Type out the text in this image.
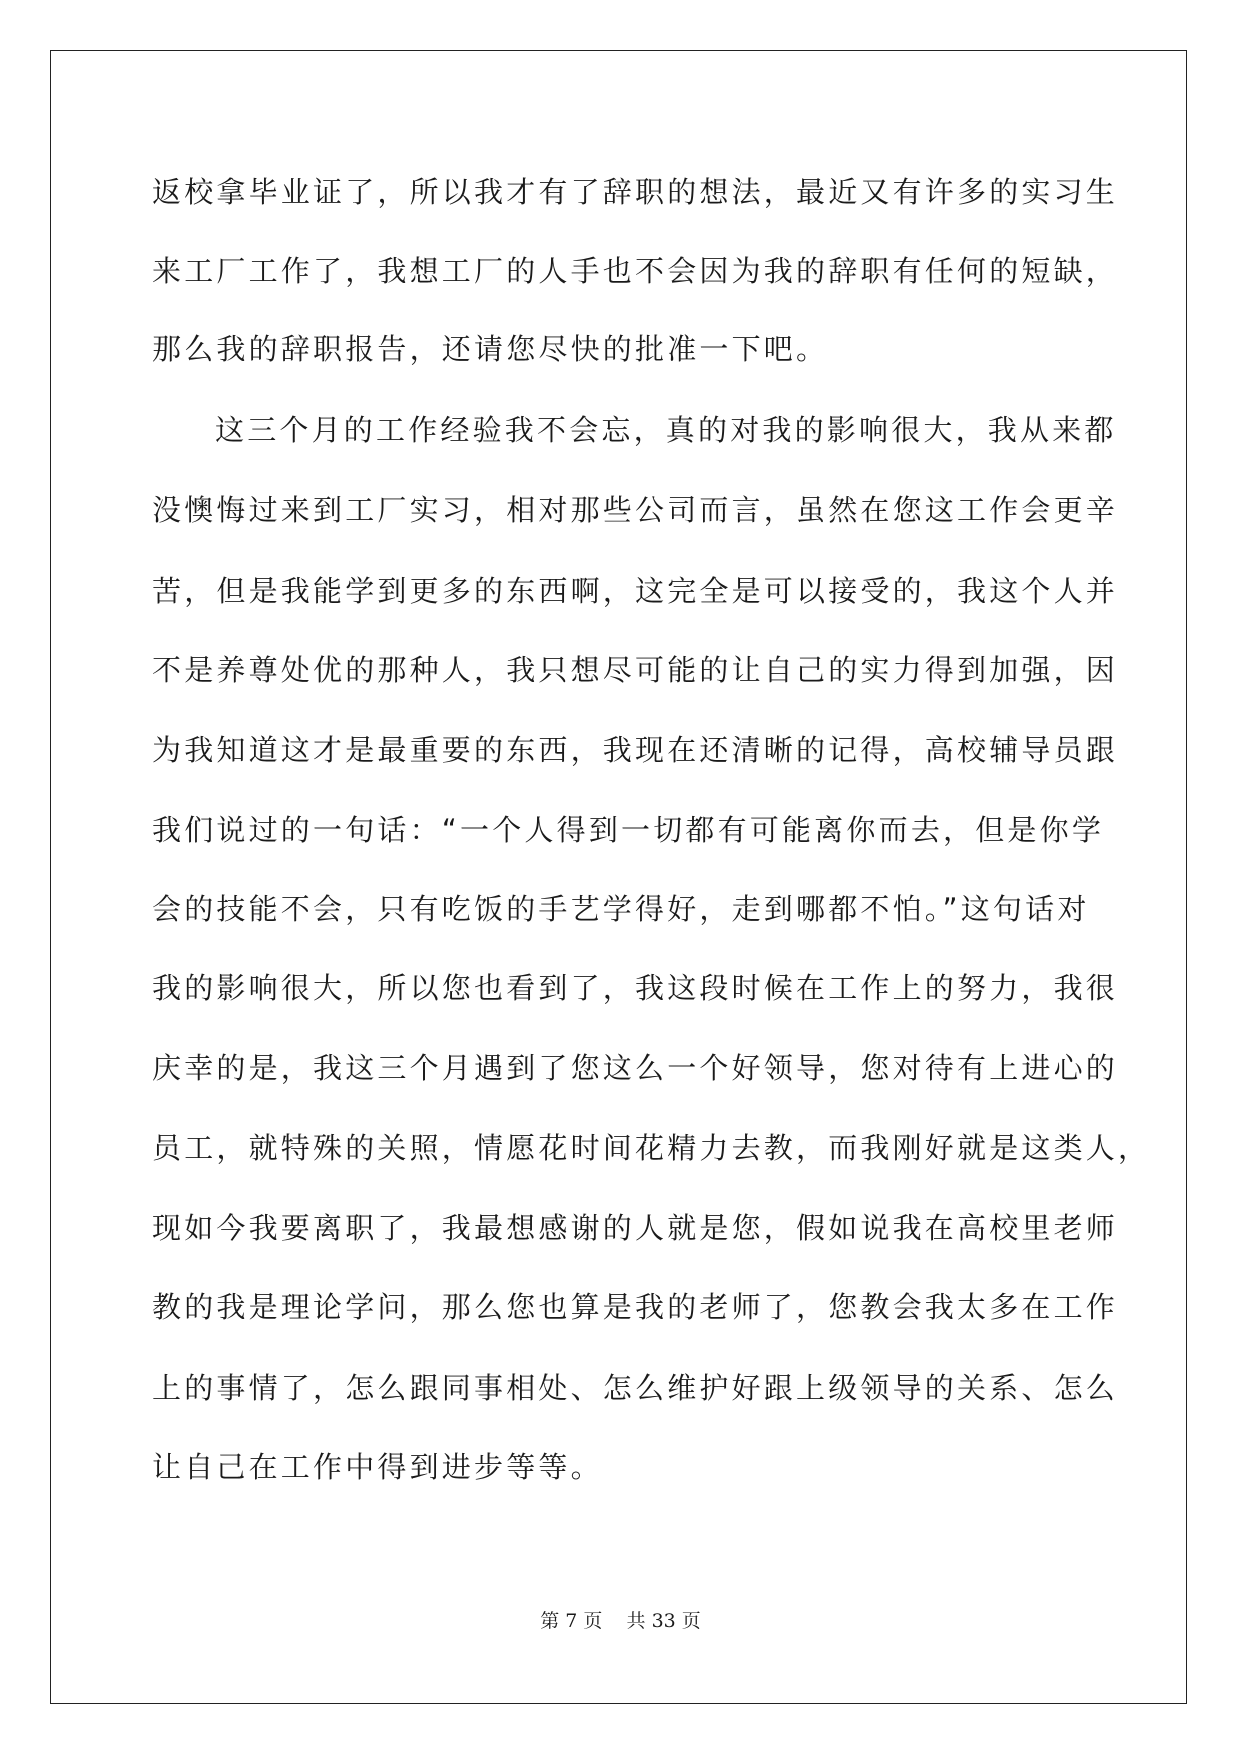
返校拿毕业证了，所以我才有了辞职的想法，最近又有许多的实习生
来工厂工作了，我想工厂的人手也不会因为我的辞职有任何的短缺，
那么我的辞职报告，还请您尽快的批准一下吧。
这三个月的工作经验我不会忘，真的对我的影响很大，我从来都
没懊悔过来到工厂实习，相对那些公司而言，虽然在您这工作会更辛
苦，但是我能学到更多的东西啊，这完全是可以接受的，我这个人并
不是养尊处优的那种人，我只想尽可能的让自己的实力得到加强，因
为我知道这才是最重要的东西，我现在还清晰的记得，高校辅导员跟
我们说过的一句话：“一个人得到一切都有可能离你而去，但是你学
会的技能不会，只有吃饭的手艺学得好，走到哪都不怕。”这句话对
我的影响很大，所以您也看到了，我这段时候在工作上的努力，我很
庆幸的是，我这三个月遇到了您这么一个好领导，您对待有上进心的
员工，就特殊的关照，情愿花时间花精力去教，而我刚好就是这类人，
现如今我要离职了，我最想感谢的人就是您，假如说我在高校里老师
教的我是理论学问，那么您也算是我的老师了，您教会我太多在工作
上的事情了，怎么跟同事相处、怎么维护好跟上级领导的关系、怎么
让自己在工作中得到进步等等。
第 7 页    共 33 页
